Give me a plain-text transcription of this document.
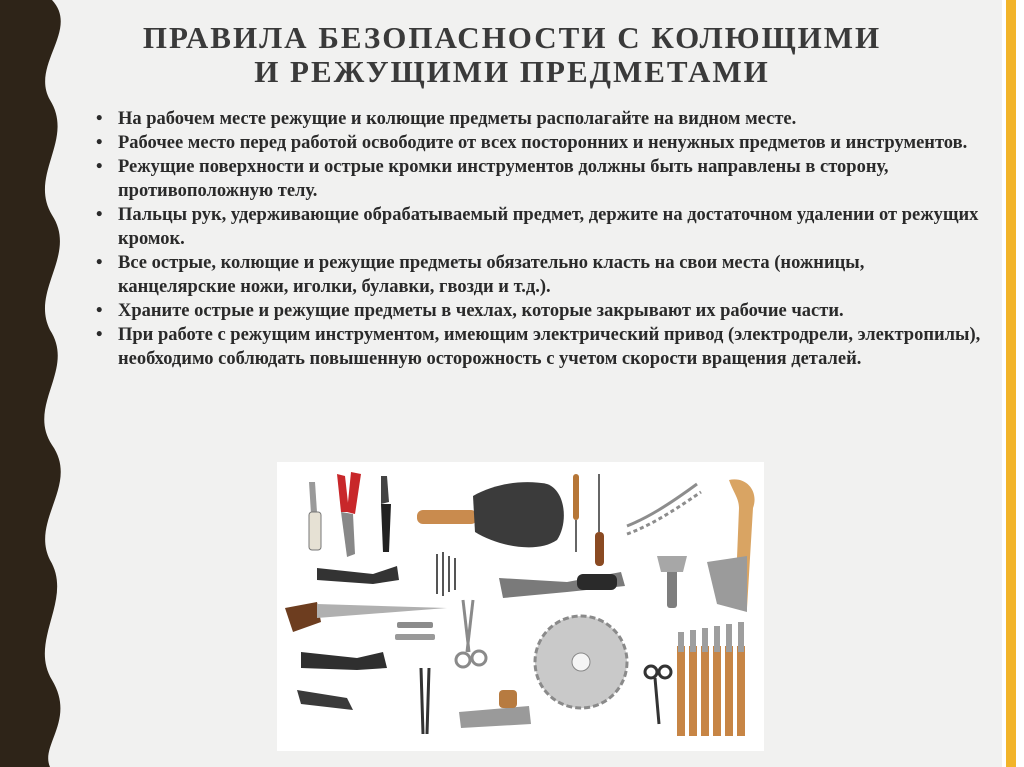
ПРАВИЛА БЕЗОПАСНОСТИ С КОЛЮЩИМИ
И РЕЖУЩИМИ ПРЕДМЕТАМИ
• На рабочем месте режущие и колющие предметы располагайте на видном месте.
• Рабочее место перед работой освободите от всех посторонних и ненужных предметов и инструментов.
• Режущие поверхности и острые кромки инструментов должны быть направлены в сторону, противоположную телу.
• Пальцы рук, удерживающие обрабатываемый предмет, держите на достаточном удалении от режущих кромок.
• Все острые, колющие и режущие предметы обязательно класть на свои места (ножницы, канцелярские ножи, иголки, булавки, гвозди и т.д.).
• Храните острые и режущие предметы в чехлах, которые закрывают их рабочие части.
• При работе с режущим инструментом, имеющим электрический привод (электродрели, электропилы), необходимо соблюдать повышенную осторожность с учетом скорости вращения деталей.
